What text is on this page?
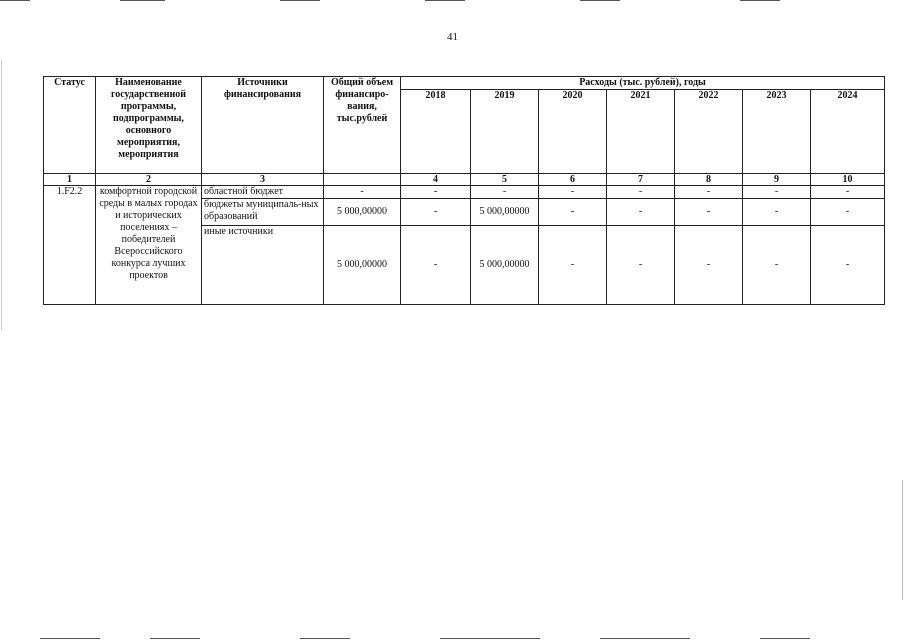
41
Статус	Наименование государственной программы, подпрограммы, основного мероприятия, мероприятия	Источники финансирования	Общий объем финансиро-вания, тыс.рублей	Расходы (тыс. рублей), годы						
				2018	2019	2020	2021	2022	2023	2024
1	2	3		4	5	6	7	8	9	10
1.F2.2	комфортной городской среды в малых городах и исторических поселениях – победителей Всероссийского конкурса лучших проектов	областной бюджет	-	-	-	-	-	-	-	-
		бюджеты муниципаль-ных образований	5 000,00000	-	5 000,00000	-	-	-	-	-
		иные источники	5 000,00000	-	5 000,00000	-	-	-	-	-
